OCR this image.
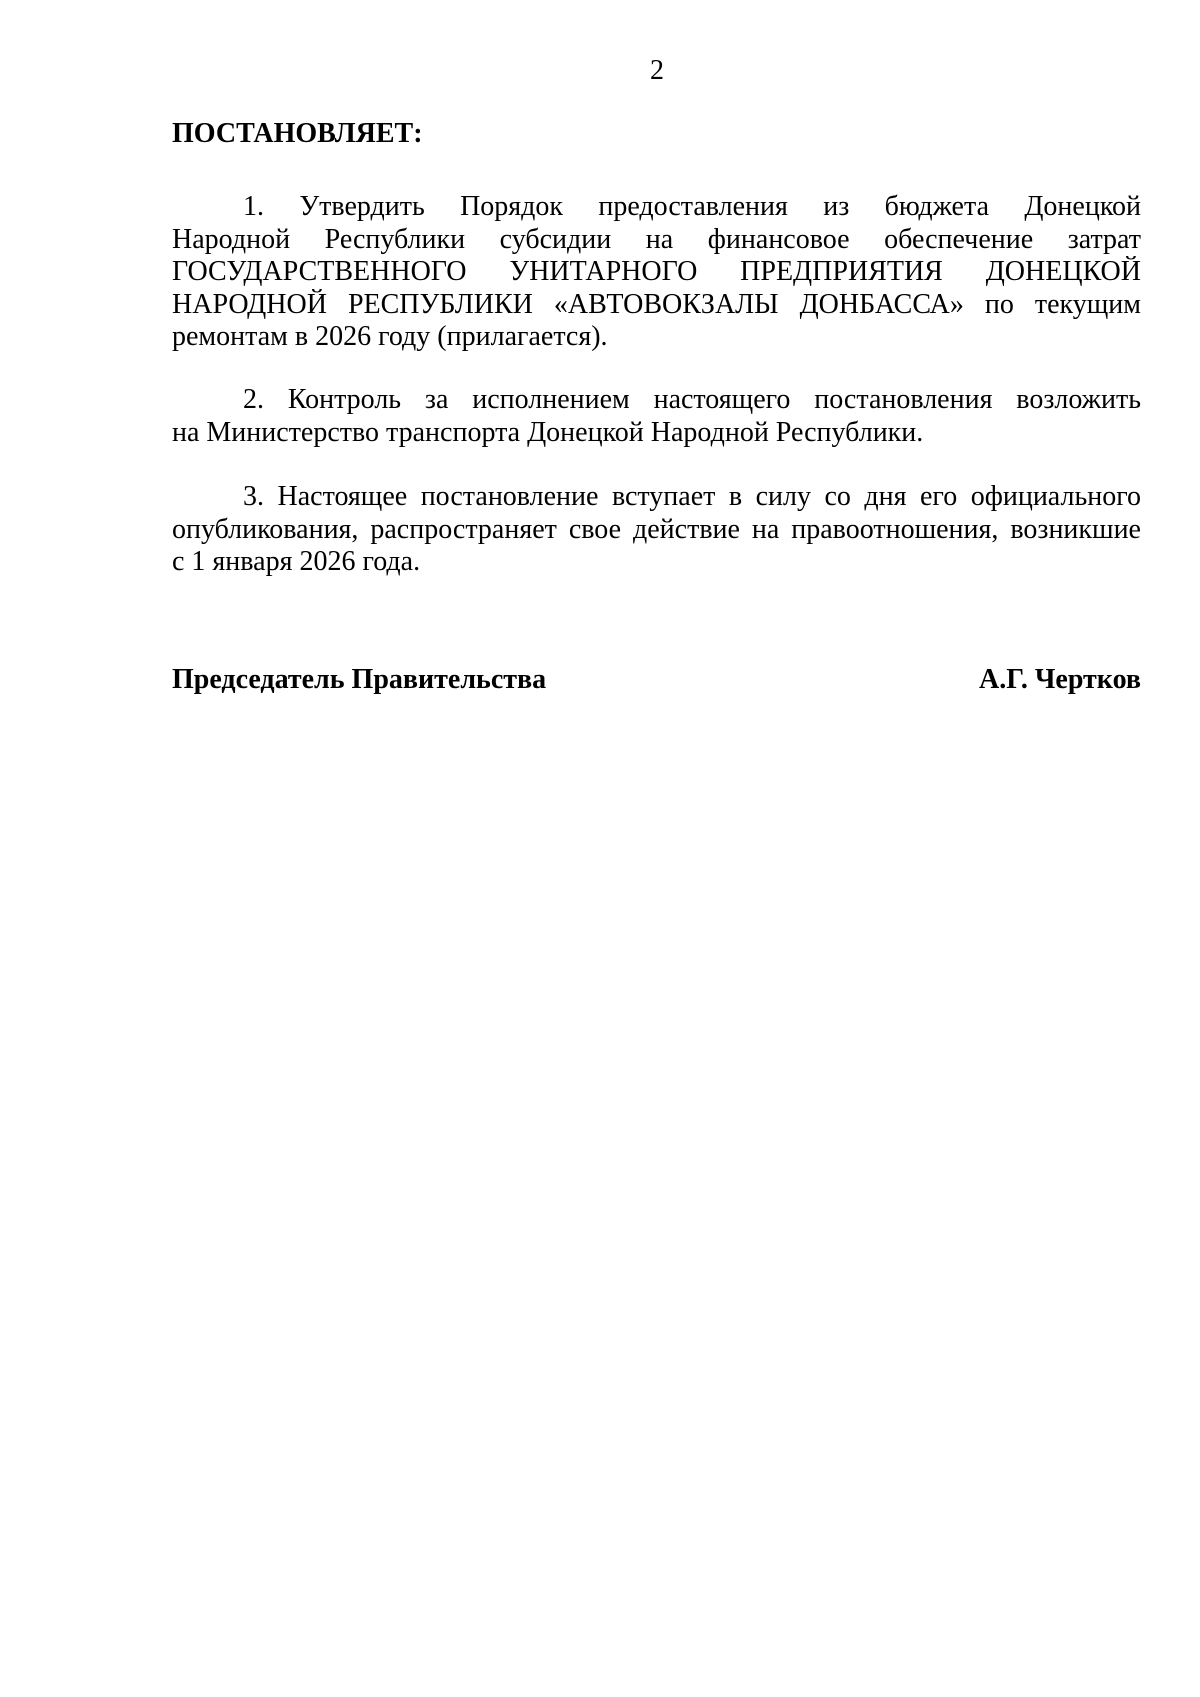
2
ПОСТАНОВЛЯЕТ:
1. Утвердить Порядок предоставления из бюджета Донецкой
Народной Республики субсидии на финансовое обеспечение затрат
ГОСУДАРСТВЕННОГО УНИТАРНОГО ПРЕДПРИЯТИЯ ДОНЕЦКОЙ
НАРОДНОЙ РЕСПУБЛИКИ «АВТОВОКЗАЛЫ ДОНБАССА» по текущим
ремонтам в 2026 году (прилагается).
2. Контроль за исполнением настоящего постановления возложить
на Министерство транспорта Донецкой Народной Республики.
3. Настоящее постановление вступает в силу со дня его официального
опубликования, распространяет свое действие на правоотношения, возникшие
с 1 января 2026 года.
Председатель Правительства	А.Г. Чертков
